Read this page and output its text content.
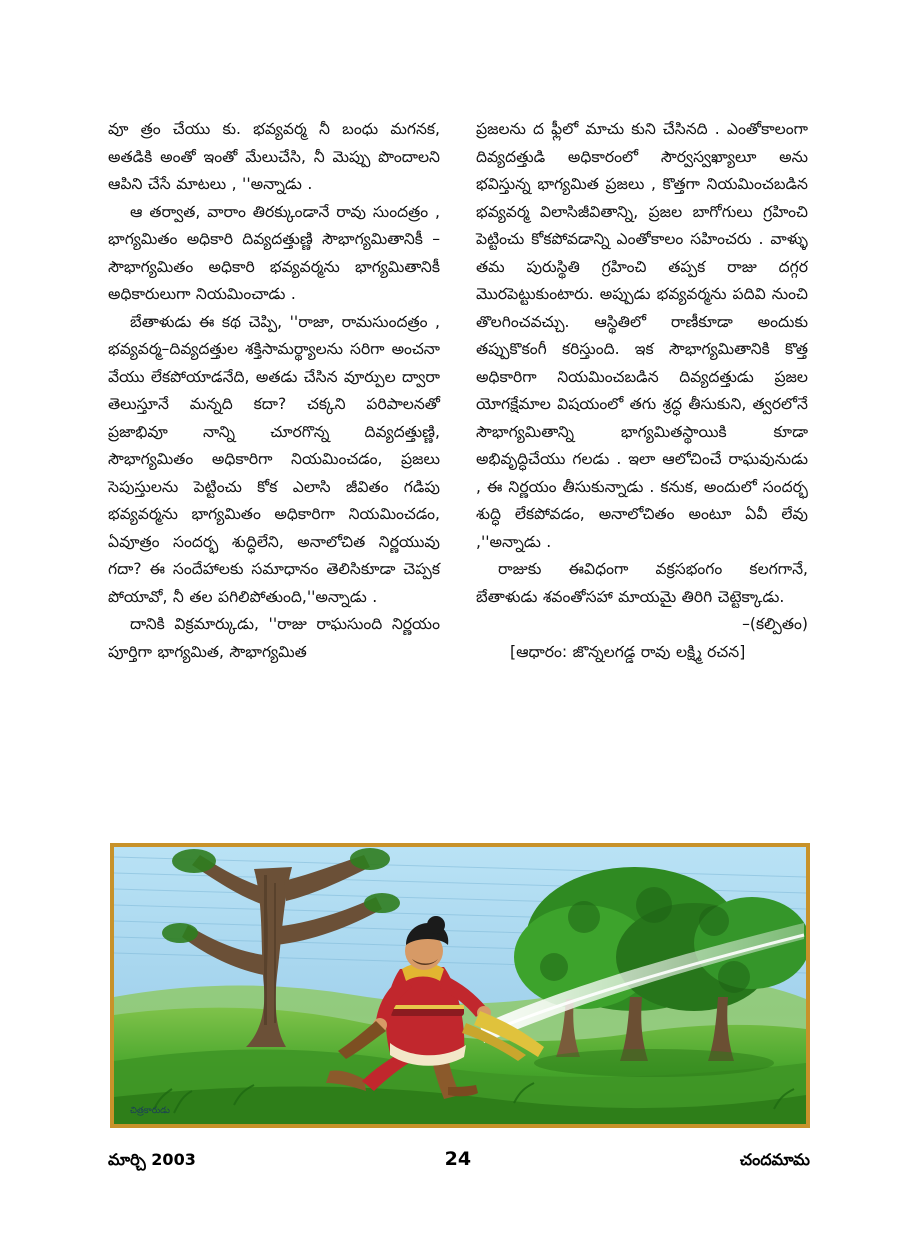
వూ త్రం చేయు కు. భవ్యవర్మ నీ బంధు మగనక, అతడికి అంతో ఇంతో మేలుచేసి, నీ మెప్పు పొందాలని ఆపిని చేసే మాటలు , ''అన్నాడు .

ఆ తర్వాత, వారాం తిరక్కుండానే రావు సుందత్రం , భాగ్యమితం అధికారి దివ్యదత్తుణ్ణి సౌభాగ్యమితానికీ – సౌభాగ్యమితం అధికారి భవ్యవర్మను భాగ్యమితానికీ అధికారులుగా నియమించాడు .

బేతాళుడు ఈ కథ చెప్పి, ''రాజా, రామసుందత్రం , భవ్యవర్మ–దివ్యదత్తుల శక్తిసామర్థ్యాలను సరిగా అంచనా వేయు లేకపోయాడనేది, అతడు చేసిన వూర్పుల ద్వారా తెలుస్తూనే మన్నది కదా? చక్కని పరిపాలనతో ప్రజాభివూ నాన్ని చూరగొన్న దివ్యదత్తుణ్ణి, సౌభాగ్యమితం అధికారిగా నియమించడం, ప్రజలు సెపుస్తులను పెట్టించు కోక ఎలాసి జీవితం గడిపు భవ్యవర్మను భాగ్యమితం అధికారిగా నియమించడం, ఏవూత్రం సందర్భ శుద్ధిలేని, అనాలోచిత నిర్ణయువు గదా? ఈ సందేహాలకు సమాధానం తెలిసికూడా చెప్పక పోయావో, నీ తల పగిలిపోతుంది,''అన్నాడు .

దానికి విక్రమార్కుడు, ''రాజు రాఘసుంది నిర్ణయం పూర్తిగా భాగ్యమిత, సౌభాగ్యమిత

ప్రజలను ద ఫ్లీలో మాచు కుని చేసినది . ఎంతోకాలంగా దివ్యదత్తుడి అధికారంలో సౌర్వస్వఖ్యాలూ అను భవిస్తున్న భాగ్యమిత ప్రజలు , కొత్తగా నియమించబడిన భవ్యవర్మ విలాసిజీవితాన్ని, ప్రజల బాగోగులు గ్రహించి పెట్టించు కోకపోవడాన్ని ఎంతోకాలం సహించరు . వాళ్ళు తమ పురుస్థితి గ్రహించి తప్పక రాజు దగ్గర మొరపెట్టుకుంటారు. అప్పుడు భవ్యవర్మను పదివి నుంచి తొలగించవచ్చు. ఆస్థితిలో రాణీకూడా అందుకు తప్పుకొకంగీ కరిస్తుంది. ఇక సౌభాగ్యమితానికి కొత్త అధికారిగా నియమించబడిన దివ్యదత్తుడు ప్రజల యోగక్షేమాల విషయంలో తగు శ్రద్ధ తీసుకుని, త్వరలోనే సౌభాగ్యమితాన్ని భాగ్యమితస్థాయికి కూడా అభివృద్ధిచేయు గలడు . ఇలా ఆలోచించే రాఘవునుడు , ఈ నిర్ణయం తీసుకున్నాడు . కనుక, అందులో సందర్భ శుద్ధి లేకపోవడం, అనాలోచితం అంటూ ఏవీ లేవు ,''అన్నాడు .

రాజుకు ఈవిధంగా వక్రసభంగం కలగగానే, బేతాళుడు శవంతోసహా మాయమై తిరిగి చెట్టెక్కాడు.

–(కల్పితం)

[ఆధారం: జొన్నలగడ్డ రావు లక్ష్మి రచన]

చిత్రకారుడు
మార్చి 2003	24	చందమామ
